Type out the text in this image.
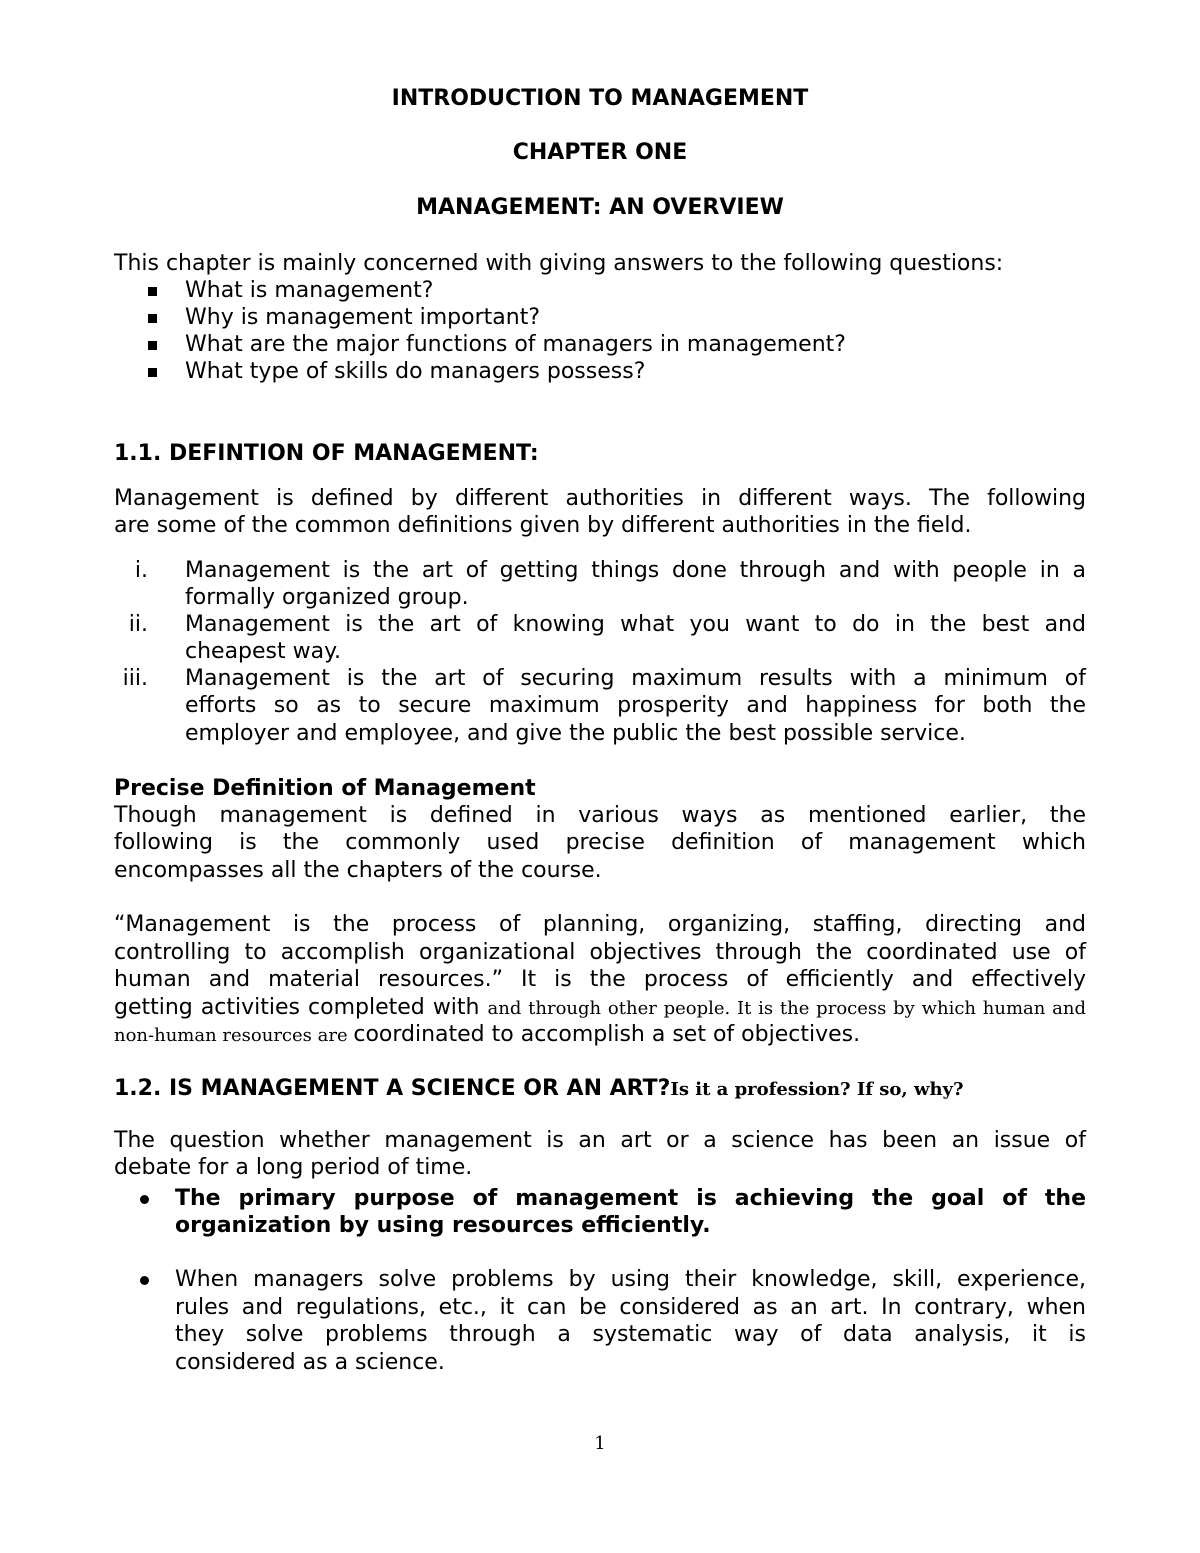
INTRODUCTION TO MANAGEMENT
CHAPTER ONE
MANAGEMENT: AN OVERVIEW
This chapter is mainly concerned with giving answers to the following questions:
What is management?
Why is management important?
What are the major functions of managers in management?
What type of skills do managers possess?
1.1. DEFINTION OF MANAGEMENT:
Management is defined by different authorities in different ways. The following
are some of the common definitions given by different authorities in the field.
i. Management is the art of getting things done through and with people in a
formally organized group.
ii. Management is the art of knowing what you want to do in the best and
cheapest way.
iii. Management is the art of securing maximum results with a minimum of
efforts so as to secure maximum prosperity and happiness for both the
employer and employee, and give the public the best possible service.
Precise Definition of Management
Though management is defined in various ways as mentioned earlier, the
following is the commonly used precise definition of management which
encompasses all the chapters of the course.
“Management is the process of planning, organizing, staffing, directing and
controlling to accomplish organizational objectives through the coordinated use of
human and material resources.” It is the process of efficiently and effectively
getting activities completed with and through other people. It is the process by which human and
non-human resources are coordinated to accomplish a set of objectives.
1.2. IS MANAGEMENT A SCIENCE OR AN ART?Is it a profession? If so, why?
The question whether management is an art or a science has been an issue of
debate for a long period of time.
The primary purpose of management is achieving the goal of the
organization by using resources efficiently.
When managers solve problems by using their knowledge, skill, experience,
rules and regulations, etc., it can be considered as an art. In contrary, when
they solve problems through a systematic way of data analysis, it is
considered as a science.
1
